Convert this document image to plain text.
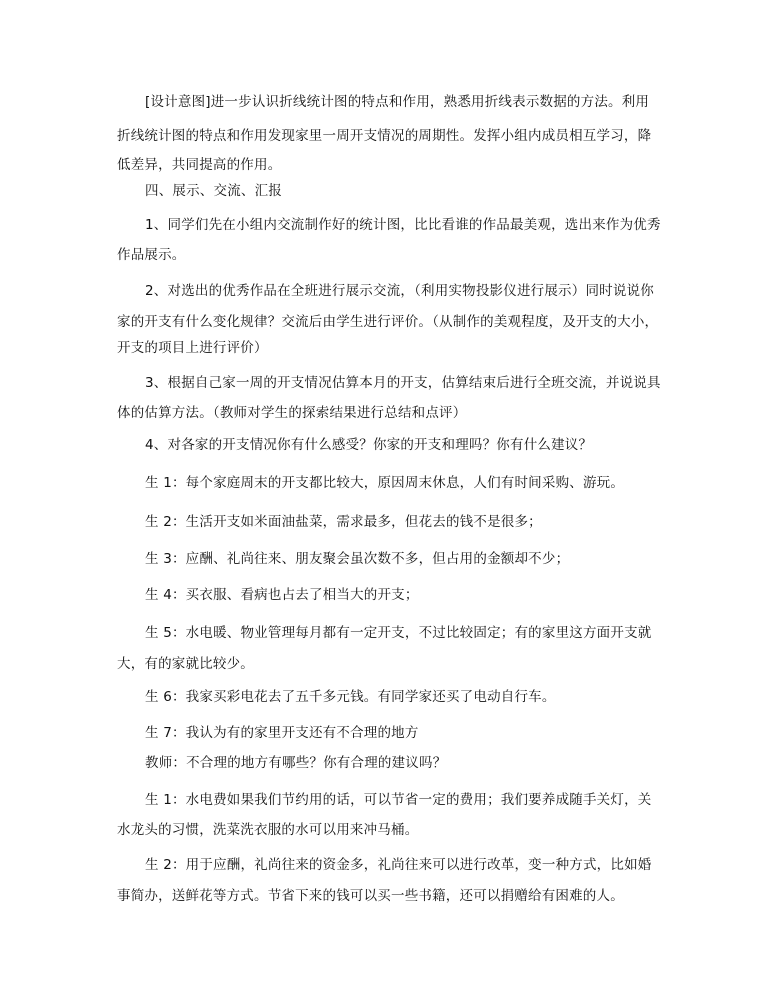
[设计意图]进一步认识折线统计图的特点和作用，熟悉用折线表示数据的方法。利用
折线统计图的特点和作用发现家里一周开支情况的周期性。发挥小组内成员相互学习，降
低差异，共同提高的作用。
四、展示、交流、汇报
1、同学们先在小组内交流制作好的统计图，比比看谁的作品最美观，选出来作为优秀
作品展示。
2、对选出的优秀作品在全班进行展示交流，（利用实物投影仪进行展示）同时说说你
家的开支有什么变化规律？交流后由学生进行评价。（从制作的美观程度，及开支的大小，
开支的项目上进行评价）
3、根据自己家一周的开支情况估算本月的开支，估算结束后进行全班交流，并说说具
体的估算方法。（教师对学生的探索结果进行总结和点评）
4、对各家的开支情况你有什么感受？你家的开支和理吗？你有什么建议？
生 1：每个家庭周末的开支都比较大，原因周末休息，人们有时间采购、游玩。
生 2：生活开支如米面油盐菜，需求最多，但花去的钱不是很多；
生 3：应酬、礼尚往来、朋友聚会虽次数不多，但占用的金额却不少；
生 4：买衣服、看病也占去了相当大的开支；
生 5：水电暖、物业管理每月都有一定开支，不过比较固定；有的家里这方面开支就
大，有的家就比较少。
生 6：我家买彩电花去了五千多元钱。有同学家还买了电动自行车。
生 7：我认为有的家里开支还有不合理的地方
教师：不合理的地方有哪些？你有合理的建议吗？
生 1：水电费如果我们节约用的话，可以节省一定的费用；我们要养成随手关灯，关
水龙头的习惯，洗菜洗衣服的水可以用来冲马桶。
生 2：用于应酬，礼尚往来的资金多，礼尚往来可以进行改革，变一种方式，比如婚
事简办，送鲜花等方式。节省下来的钱可以买一些书籍，还可以捐赠给有困难的人。
